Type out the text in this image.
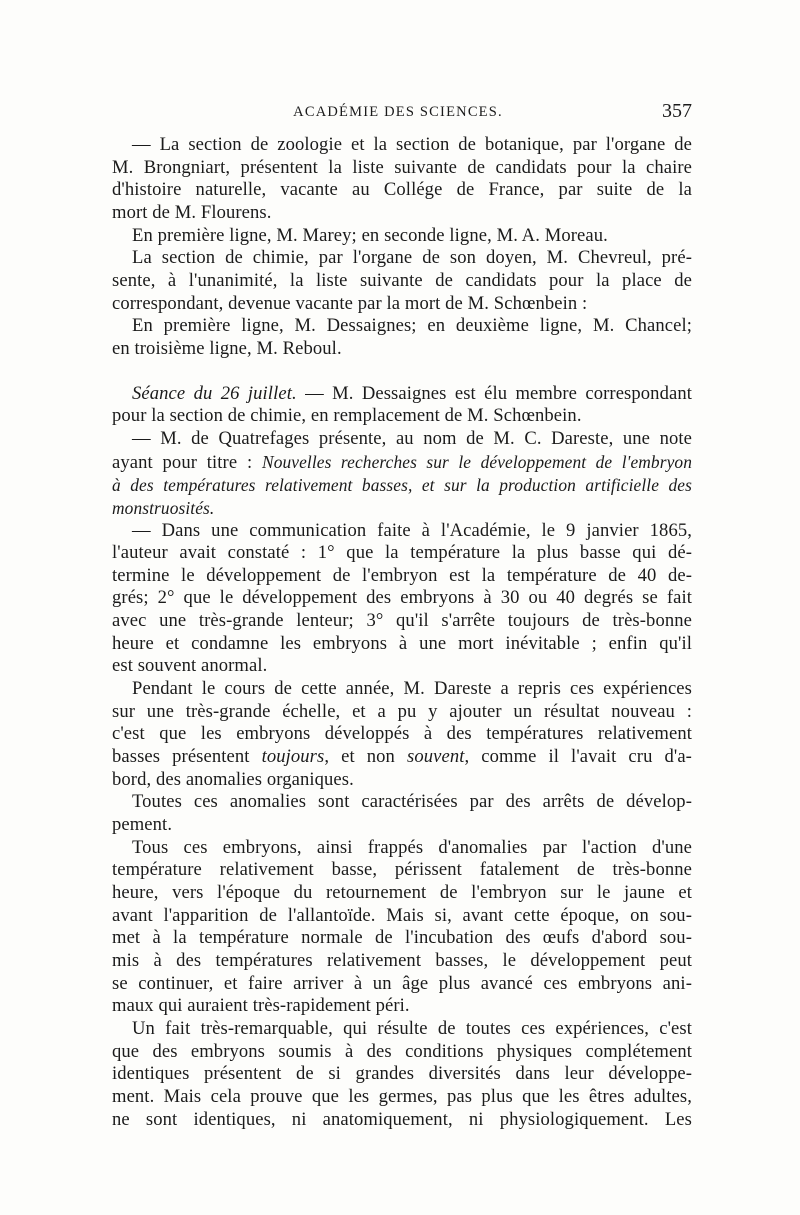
ACADÉMIE DES SCIENCES.	357

— La section de zoologie et la section de botanique, par l'organe de
M. Brongniart, présentent la liste suivante de candidats pour la chaire
d'histoire naturelle, vacante au Collége de France, par suite de la
mort de M. Flourens.

En première ligne, M. Marey; en seconde ligne, M. A. Moreau.

La section de chimie, par l'organe de son doyen, M. Chevreul, pré-
sente, à l'unanimité, la liste suivante de candidats pour la place de
correspondant, devenue vacante par la mort de M. Schœnbein :

En première ligne, M. Dessaignes; en deuxième ligne, M. Chancel;
en troisième ligne, M. Reboul.

Séance du 26 juillet. — M. Dessaignes est élu membre correspondant
pour la section de chimie, en remplacement de M. Schœnbein.

— M. de Quatrefages présente, au nom de M. C. Dareste, une note
ayant pour titre : Nouvelles recherches sur le développement de l'embryon
à des températures relativement basses, et sur la production artificielle des
monstruosités.

— Dans une communication faite à l'Académie, le 9 janvier 1865,
l'auteur avait constaté : 1° que la température la plus basse qui dé-
termine le développement de l'embryon est la température de 40 de-
grés; 2° que le développement des embryons à 30 ou 40 degrés se fait
avec une très-grande lenteur; 3° qu'il s'arrête toujours de très-bonne
heure et condamne les embryons à une mort inévitable ; enfin qu'il
est souvent anormal.

Pendant le cours de cette année, M. Dareste a repris ces expériences
sur une très-grande échelle, et a pu y ajouter un résultat nouveau :
c'est que les embryons développés à des températures relativement
basses présentent toujours, et non souvent, comme il l'avait cru d'a-
bord, des anomalies organiques.

Toutes ces anomalies sont caractérisées par des arrêts de dévelop-
pement.

Tous ces embryons, ainsi frappés d'anomalies par l'action d'une
température relativement basse, périssent fatalement de très-bonne
heure, vers l'époque du retournement de l'embryon sur le jaune et
avant l'apparition de l'allantoïde. Mais si, avant cette époque, on sou-
met à la température normale de l'incubation des œufs d'abord sou-
mis à des températures relativement basses, le développement peut
se continuer, et faire arriver à un âge plus avancé ces embryons ani-
maux qui auraient très-rapidement péri.

Un fait très-remarquable, qui résulte de toutes ces expériences, c'est
que des embryons soumis à des conditions physiques complétement
identiques présentent de si grandes diversités dans leur développe-
ment. Mais cela prouve que les germes, pas plus que les êtres adultes,
ne sont identiques, ni anatomiquement, ni physiologiquement. Les
